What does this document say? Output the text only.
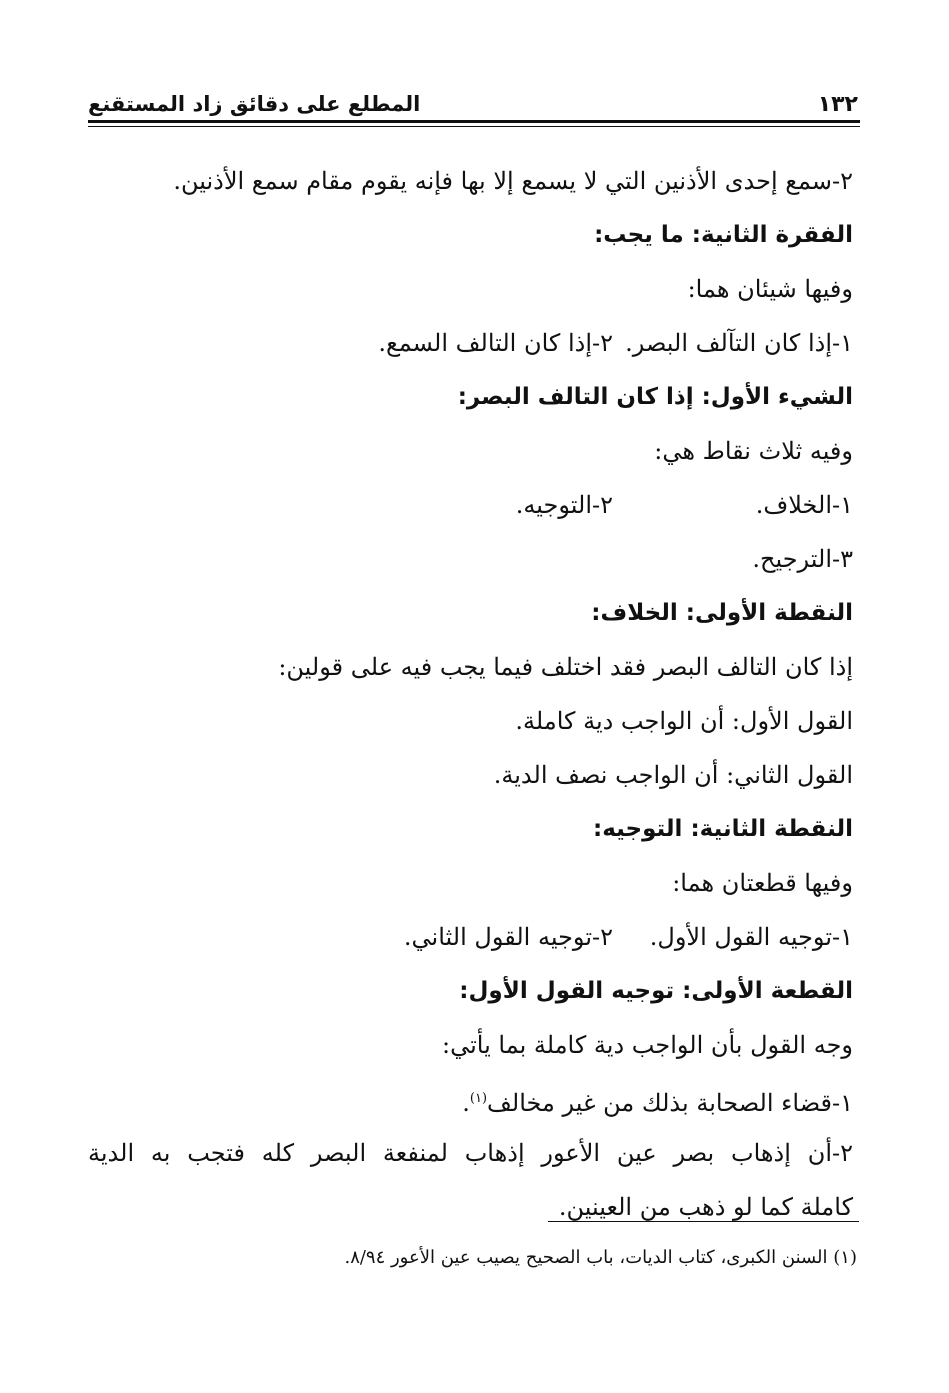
١٣٢
المطلع على دقائق زاد المستقنع
٢-سمع إحدى الأذنين التي لا يسمع إلا بها فإنه يقوم مقام سمع الأذنين.
الفقرة الثانية: ما يجب:
وفيها شيئان هما:
١-إذا كان التآلف البصر.
٢-إذا كان التالف السمع.
الشيء الأول: إذا كان التالف البصر:
وفيه ثلاث نقاط هي:
١-الخلاف.
٢-التوجيه.
٣-الترجيح.
النقطة الأولى: الخلاف:
إذا كان التالف البصر فقد اختلف فيما يجب فيه على قولين:
القول الأول: أن الواجب دية كاملة.
القول الثاني: أن الواجب نصف الدية.
النقطة الثانية: التوجيه:
وفيها قطعتان هما:
١-توجيه القول الأول.
٢-توجيه القول الثاني.
القطعة الأولى: توجيه القول الأول:
وجه القول بأن الواجب دية كاملة بما يأتي:
١-قضاء الصحابة بذلك من غير مخالف$^{(١)}$.
٢-أن إذهاب بصر عين الأعور إذهاب لمنفعة البصر كله فتجب به الدية
كاملة كما لو ذهب من العينين.
(١) السنن الكبرى، كتاب الديات، باب الصحيح يصيب عين الأعور ٨/٩٤.
